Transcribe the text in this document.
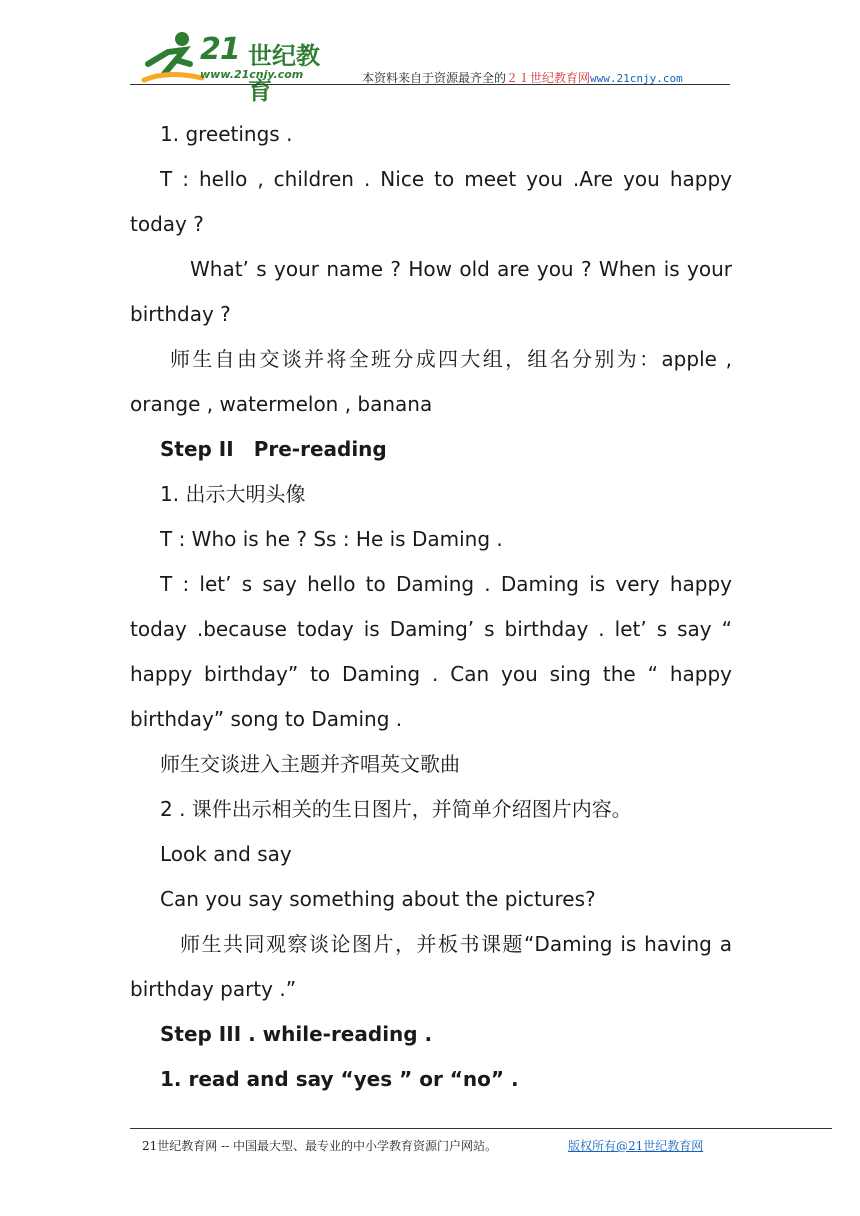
21 世纪教育
www.21cnjy.com	本资料来自于资源最齐全的２１世纪教育网www.21cnjy.com

1. greetings .

T : hello , children . Nice to meet you .Are you happy today ?

What’ s your name ? How old are you ? When is your birthday ?

师生自由交谈并将全班分成四大组，组名分别为：apple , orange , watermelon , banana

Step II　Pre-reading

1. 出示大明头像

T : Who is he ? Ss : He is Daming .

T : let’ s say hello to Daming . Daming is very happy today .because today is Daming’ s birthday . let’ s say “ happy birthday” to Daming . Can you sing the “ happy birthday” song to Daming .

师生交谈进入主题并齐唱英文歌曲

2 . 课件出示相关的生日图片，并简单介绍图片内容。

Look and say

Can you say something about the pictures?

师生共同观察谈论图片，并板书课题“Daming is having a birthday party .”

Step III . while-reading .

1. read and say “yes ” or “no” .

21世纪教育网 -- 中国最大型、最专业的中小学教育资源门户网站。	版权所有@21世纪教育网
